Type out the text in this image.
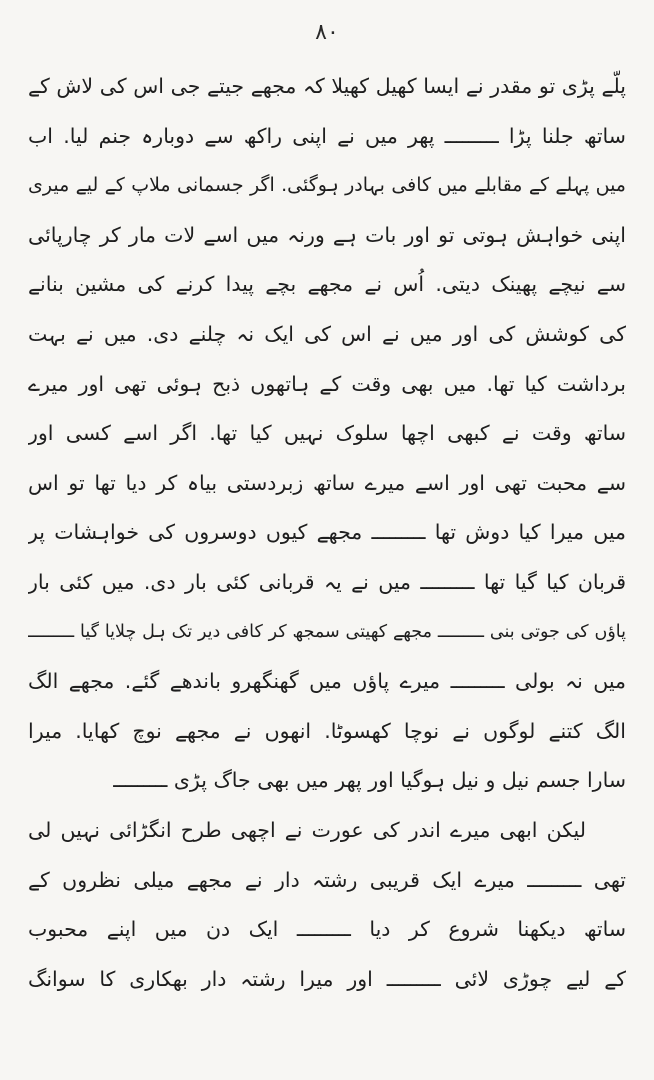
۸۰
پلّے پڑی تو مقدر نے ایسا کھیل کھیلا کہ مجھے جیتے جی اس کی لاش کے
ساتھ جلنا پڑا ـــــــــ پھر میں نے اپنی راکھ سے دوبارہ جنم لیا. اب
میں پہلے کے مقابلے میں کافی بہادر ہوگئی. اگر جسمانی ملاپ کے لیے میری
اپنی خواہش ہوتی تو اور بات ہے ورنہ میں اسے لات مار کر چارپائی
سے نیچے پھینک دیتی. اُس نے مجھے بچے پیدا کرنے کی مشین بنانے
کی کوشش کی اور میں نے اس کی ایک نہ چلنے دی. میں نے بہت
برداشت کیا تھا. میں بھی وقت کے ہاتھوں ذبح ہوئی تھی اور میرے
ساتھ وقت نے کبھی اچھا سلوک نہیں کیا تھا. اگر اسے کسی اور
سے محبت تھی اور اسے میرے ساتھ زبردستی بیاہ کر دیا تھا تو اس
میں میرا کیا دوش تھا ـــــــــ مجھے کیوں دوسروں کی خواہشات پر
قربان کیا گیا تھا ـــــــــ میں نے یہ قربانی کئی بار دی. میں کئی بار
پاؤں کی جوتی بنی ـــــــــ مجھے کھیتی سمجھ کر کافی دیر تک ہل چلایا گیا ـــــــــ
میں نہ بولی ـــــــــ میرے پاؤں میں گھنگھرو باندھے گئے. مجھے الگ
الگ کتنے لوگوں نے نوچا کھسوٹا. انھوں نے مجھے نوچ کھایا. میرا
سارا جسم نیل و نیل ہوگیا اور پھر میں بھی جاگ پڑی ـــــــــ
لیکن ابھی میرے اندر کی عورت نے اچھی طرح انگڑائی نہیں لی
تھی ـــــــــ میرے ایک قریبی رشتہ دار نے مجھے میلی نظروں کے
ساتھ دیکھنا شروع کر دیا ـــــــــ ایک دن میں اپنے محبوب
کے لیے چوڑی لائی ـــــــــ اور میرا رشتہ دار بھکاری کا سوانگ
